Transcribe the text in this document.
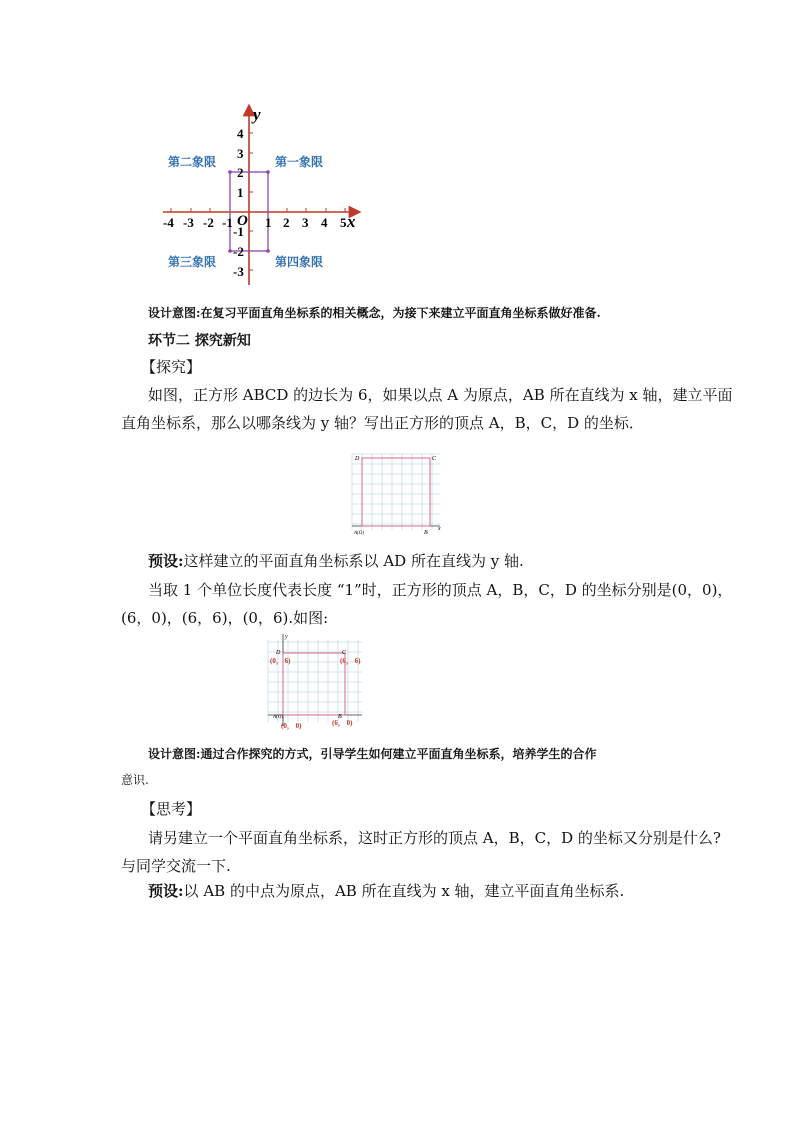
y
x
O
-4 -3 -2 -1 1 2 3 4 5
4
3
2
1
-1
-2
-3
第一象限
第二象限
第三象限	第四象限
设计意图:在复习平面直角坐标系的相关概念，为接下来建立平面直角坐标系做好准备.
环节二 探究新知
【探究】
如图，正方形 ABCD 的边长为 6，如果以点 A 为原点，AB 所在直线为 x 轴，建立平面
直角坐标系，那么以哪条线为 y 轴？写出正方形的顶点 A，B，C，D 的坐标．
D	C
A(O)	B
x
预设:这样建立的平面直角坐标系以 AD 所在直线为 y 轴.
当取 1 个单位长度代表长度 “1”时，正方形的顶点 A，B，C，D 的坐标分别是(0，0)，
(6，0)，(6，6)，(0，6).如图:
y
D	C
A(O)	B
(0， 6)	(6， 6)
(0， 0)	(6， 0)
设计意图:通过合作探究的方式，引导学生如何建立平面直角坐标系，培养学生的合作
意识.
【思考】
请另建立一个平面直角坐标系，这时正方形的顶点 A，B，C，D 的坐标又分别是什么?
与同学交流一下.
预设:以 AB 的中点为原点，AB 所在直线为 x 轴，建立平面直角坐标系.
